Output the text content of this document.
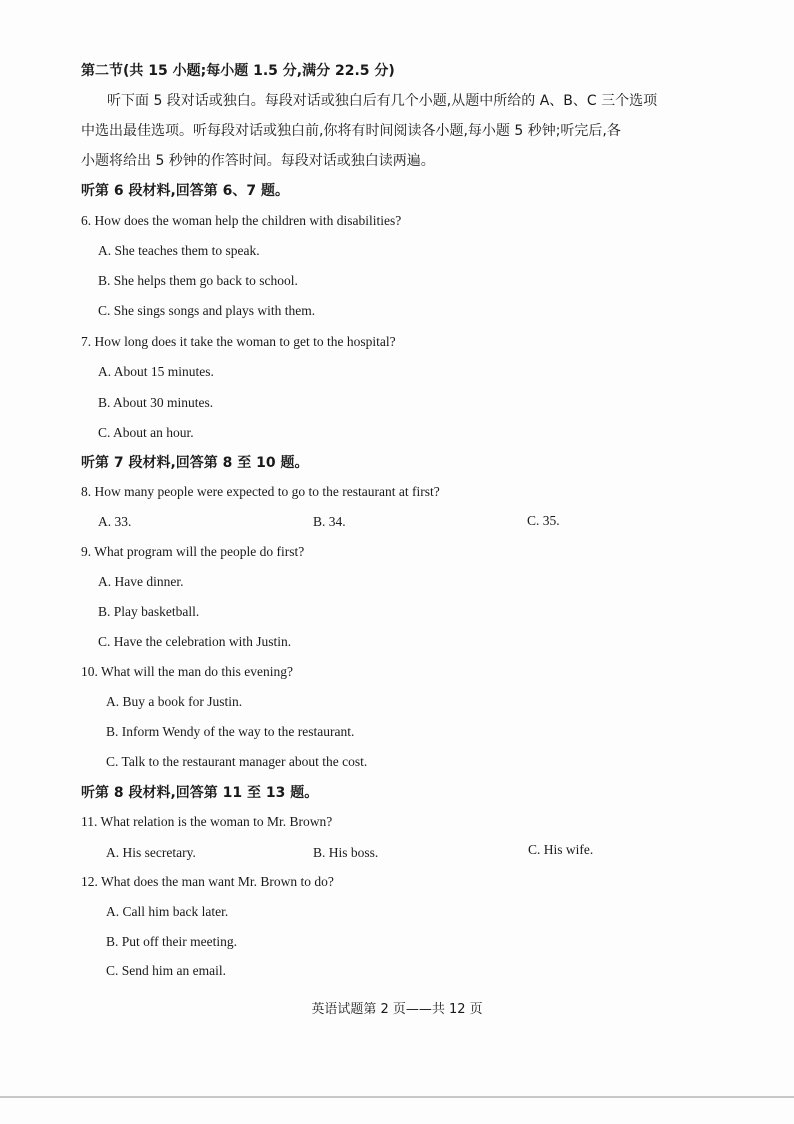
第二节(共 15 小题;每小题 1.5 分,满分 22.5 分)
听下面 5 段对话或独白。每段对话或独白后有几个小题,从题中所给的 A、B、C 三个选项
中选出最佳选项。听每段对话或独白前,你将有时间阅读各小题,每小题 5 秒钟;听完后,各
小题将给出 5 秒钟的作答时间。每段对话或独白读两遍。
听第 6 段材料,回答第 6、7 题。
6. How does the woman help the children with disabilities?
A. She teaches them to speak.
B. She helps them go back to school.
C. She sings songs and plays with them.
7. How long does it take the woman to get to the hospital?
A. About 15 minutes.
B. About 30 minutes.
C. About an hour.
听第 7 段材料,回答第 8 至 10 题。
8. How many people were expected to go to the restaurant at first?
A. 33.	B. 34.	C. 35.
9. What program will the people do first?
A. Have dinner.
B. Play basketball.
C. Have the celebration with Justin.
10. What will the man do this evening?
A. Buy a book for Justin.
B. Inform Wendy of the way to the restaurant.
C. Talk to the restaurant manager about the cost.
听第 8 段材料,回答第 11 至 13 题。
11. What relation is the woman to Mr. Brown?
A. His secretary.	B. His boss.	C. His wife.
12. What does the man want Mr. Brown to do?
A. Call him back later.
B. Put off their meeting.
C. Send him an email.
英语试题第 2 页——共 12 页
